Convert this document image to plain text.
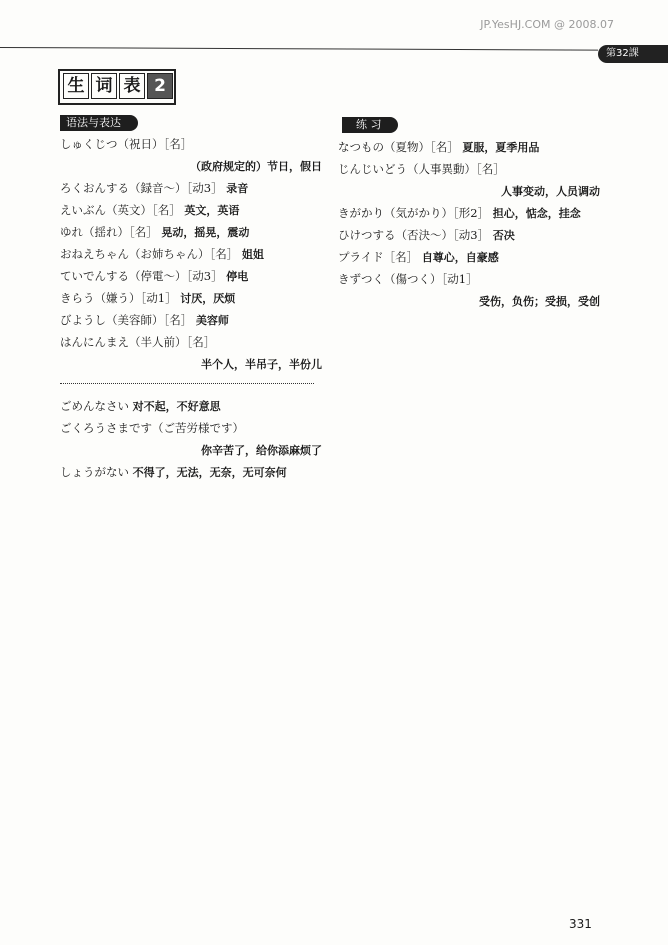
JP.YesHJ.COM @ 2008.07
第32課
生 词 表 2
语法与表达
しゅくじつ（祝日）［名］
（政府规定的）节日，假日
ろくおんする（録音～）［动3］ 录音
えいぶん（英文）［名］ 英文，英语
ゆれ（揺れ）［名］ 晃动，摇晃，震动
おねえちゃん（お姉ちゃん）［名］ 姐姐
ていでんする（停電～）［动3］ 停电
きらう（嫌う）［动1］ 讨厌，厌烦
びようし（美容師）［名］ 美容师
はんにんまえ（半人前）［名］
半个人，半吊子，半份儿
ごめんなさい 对不起，不好意思
ごくろうさまです（ご苦労様です）
你辛苦了，给你添麻烦了
しょうがない 不得了，无法，无奈，无可奈何
练 习
なつもの（夏物）［名］ 夏服，夏季用品
じんじいどう（人事異動）［名］
人事变动，人员调动
きがかり（気がかり）［形2］ 担心，惦念，挂念
ひけつする（否決～）［动3］ 否决
プライド［名］ 自尊心，自豪感
きずつく（傷つく）［动1］
受伤，负伤；受损，受创
331
